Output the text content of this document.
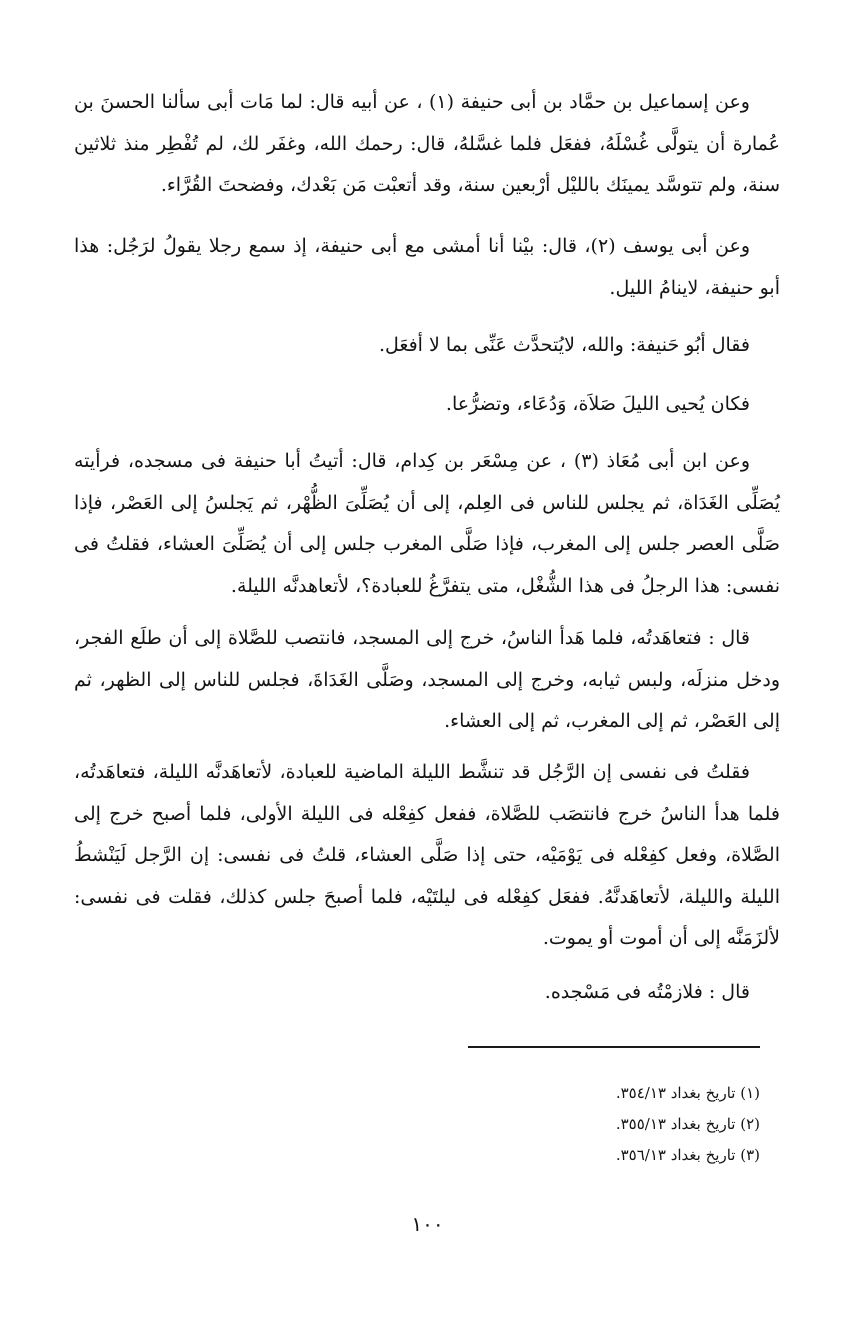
وعن إسماعيل بن حمَّاد بن أبى حنيفة (١) ، عن أبيه قال: لما مَات أبى سألنا الحسنَ بن عُمارة أن يتولَّى غُسْلَهُ، ففعَل فلما غسَّلهُ، قال: رحمك الله، وغفَر لك، لم تُفْطِر منذ ثلاثين سنة، ولم تتوسَّد يمينَك بالليْل أرْبعين سنة، وقد أتعبْت مَن بَعْدك، وفضحتَ القُرَّاء.

وعن أبى يوسف (٢)، قال: بيْنا أنا أمشى مع أبى حنيفة، إذ سمع رجلا يقولُ لرَجُل: هذا أبو حنيفة، لاينامُ الليل.

فقال أبُو حَنيفة: والله، لايُتحدَّث عَنِّى بما لا أفعَل.

فكان يُحيى الليلَ صَلاَة، وَدُعَاء، وتضرُّعا.

وعن ابن أبى مُعَاذ (٣) ، عن مِسْعَر بن كِدام، قال: أتيتُ أبا حنيفة فى مسجده، فرأيته يُصَلِّى الغَدَاة، ثم يجلس للناس فى العِلم، إلى أن يُصَلِّىَ الظُّهْر، ثم يَجلسُ إلى العَصْر، فإذا صَلَّى العصر جلس إلى المغرب، فإذا صَلَّى المغرب جلس إلى أن يُصَلِّىَ العشاء، فقلتُ فى نفسى: هذا الرجلُ فى هذا الشُّغْل، متى يتفرَّغُ للعبادة؟، لأتعاهدنَّه الليلة.

قال : فتعاهَدتُه، فلما هَدأ الناسُ، خرج إلى المسجد، فانتصب للصَّلاة إلى أن طلَع الفجر، ودخل منزلَه، ولبس ثيابه، وخرج إلى المسجد، وصَلَّى الغَدَاةَ، فجلس للناس إلى الظهر، ثم إلى العَصْر، ثم إلى المغرب، ثم إلى العشاء.

فقلتُ فى نفسى إن الرَّجُل قد تنشَّط الليلة الماضية للعبادة، لأتعاهَدنَّه الليلة، فتعاهَدتُه، فلما هدأ الناسُ خرج فانتصَب للصَّلاة، ففعل كفِعْله فى الليلة الأولى، فلما أصبح خرج إلى الصَّلاة، وفعل كفِعْله فى يَوْمَيْه، حتى إذا صَلَّى العشاء، قلتُ فى نفسى: إن الرَّجل لَيَنْشطُ الليلة والليلة، لأتعاهَدنَّهُ. ففعَل كفِعْله فى ليلتَيْه، فلما أصبحَ جلس كذلك، فقلت فى نفسى: لألزَمَنَّه إلى أن أموت أو يموت.

قال : فلازمْتُه فى مَسْجده.

(١) تاريخ بغداد ٣٥٤/١٣.
(٢) تاريخ بغداد ٣٥٥/١٣.
(٣) تاريخ بغداد ٣٥٦/١٣.
١٠٠
